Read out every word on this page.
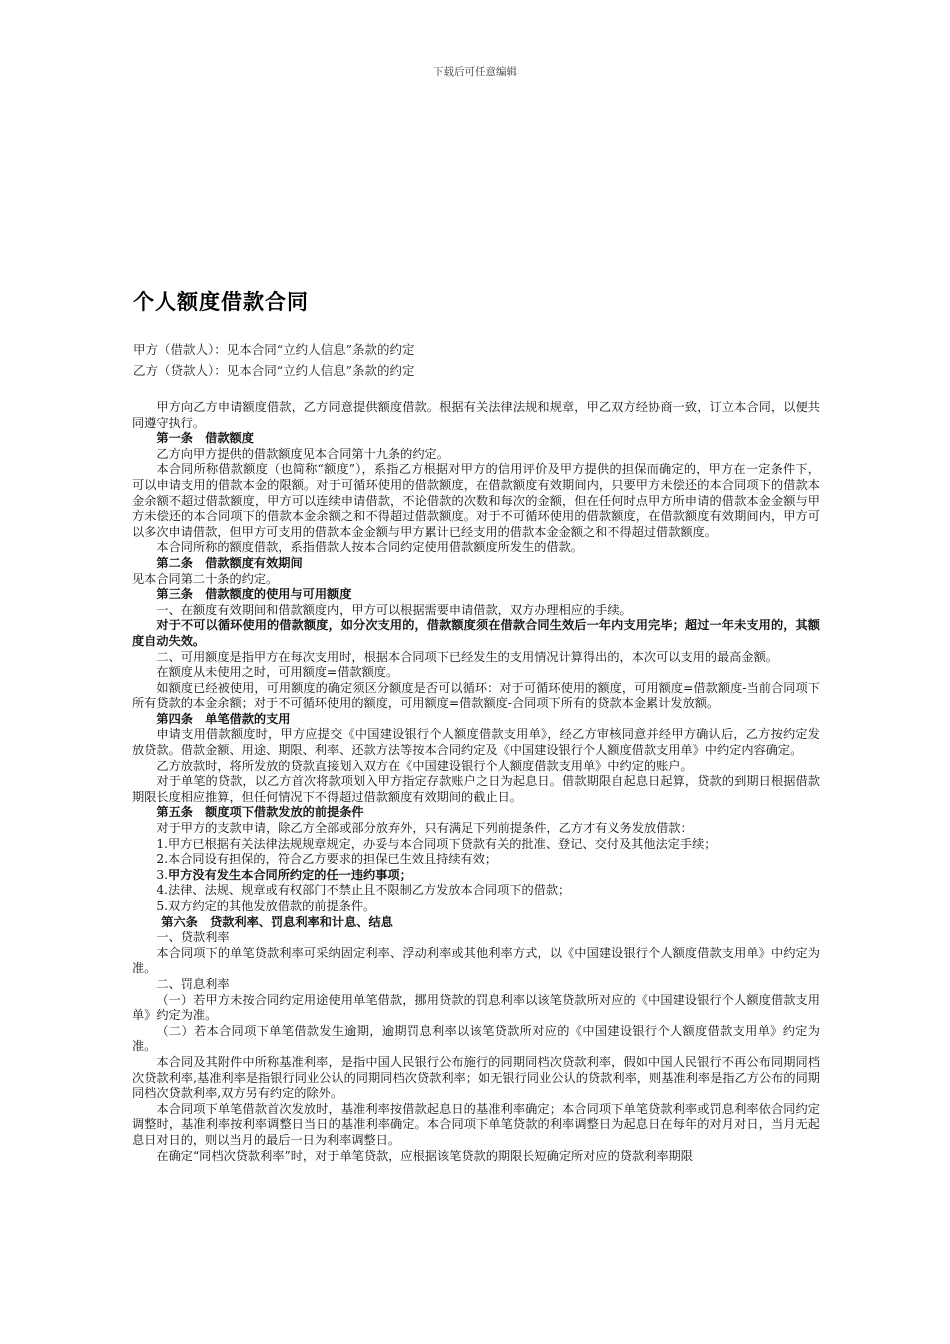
下载后可任意编辑
个人额度借款合同
甲方（借款人）：见本合同“立约人信息”条款的约定
乙方（贷款人）：见本合同“立约人信息”条款的约定

甲方向乙方申请额度借款，乙方同意提供额度借款。根据有关法律法规和规章，甲乙双方经协商一致，订立本合同，以便共同遵守执行。

第一条　借款额度

乙方向甲方提供的借款额度见本合同第十九条的约定。

本合同所称借款额度（也简称“额度”），系指乙方根据对甲方的信用评价及甲方提供的担保而确定的，甲方在一定条件下，可以申请支用的借款本金的限额。对于可循环使用的借款额度，在借款额度有效期间内，只要甲方未偿还的本合同项下的借款本金余额不超过借款额度，甲方可以连续申请借款，不论借款的次数和每次的金额，但在任何时点甲方所申请的借款本金金额与甲方未偿还的本合同项下的借款本金余额之和不得超过借款额度。对于不可循环使用的借款额度，在借款额度有效期间内，甲方可以多次申请借款，但甲方可支用的借款本金金额与甲方累计已经支用的借款本金金额之和不得超过借款额度。

本合同所称的额度借款，系指借款人按本合同约定使用借款额度所发生的借款。

第二条　借款额度有效期间

见本合同第二十条的约定。

第三条　借款额度的使用与可用额度

一、在额度有效期间和借款额度内，甲方可以根据需要申请借款，双方办理相应的手续。

对于不可以循环使用的借款额度，如分次支用的，借款额度须在借款合同生效后一年内支用完毕；超过一年未支用的，其额度自动失效。

二、可用额度是指甲方在每次支用时，根据本合同项下已经发生的支用情况计算得出的，本次可以支用的最高金额。

在额度从未使用之时，可用额度=借款额度。

如额度已经被使用，可用额度的确定须区分额度是否可以循环：对于可循环使用的额度，可用额度=借款额度-当前合同项下所有贷款的本金余额；对于不可循环使用的额度，可用额度=借款额度-合同项下所有的贷款本金累计发放额。

第四条　单笔借款的支用

申请支用借款额度时，甲方应提交《中国建设银行个人额度借款支用单》，经乙方审核同意并经甲方确认后，乙方按约定发放贷款。借款金额、用途、期限、利率、还款方法等按本合同约定及《中国建设银行个人额度借款支用单》中约定内容确定。

乙方放款时，将所发放的贷款直接划入双方在《中国建设银行个人额度借款支用单》中约定的账户。

对于单笔的贷款，以乙方首次将款项划入甲方指定存款账户之日为起息日。借款期限自起息日起算，贷款的到期日根据借款期限长度相应推算，但任何情况下不得超过借款额度有效期间的截止日。

第五条　额度项下借款发放的前提条件

对于甲方的支款申请，除乙方全部或部分放弃外，只有满足下列前提条件，乙方才有义务发放借款：

1.甲方已根据有关法律法规规章规定，办妥与本合同项下贷款有关的批准、登记、交付及其他法定手续；

2.本合同设有担保的，符合乙方要求的担保已生效且持续有效；

3.甲方没有发生本合同所约定的任一违约事项；

4.法律、法规、规章或有权部门不禁止且不限制乙方发放本合同项下的借款；

5.双方约定的其他发放借款的前提条件。

第六条　贷款利率、罚息利率和计息、结息

一、贷款利率

本合同项下的单笔贷款利率可采纳固定利率、浮动利率或其他利率方式，以《中国建设银行个人额度借款支用单》中约定为准。

二、罚息利率

（一）若甲方未按合同约定用途使用单笔借款，挪用贷款的罚息利率以该笔贷款所对应的《中国建设银行个人额度借款支用单》约定为准。

（二）若本合同项下单笔借款发生逾期，逾期罚息利率以该笔贷款所对应的《中国建设银行个人额度借款支用单》约定为准。

本合同及其附件中所称基准利率，是指中国人民银行公布施行的同期同档次贷款利率，假如中国人民银行不再公布同期同档次贷款利率,基准利率是指银行同业公认的同期同档次贷款利率；如无银行同业公认的贷款利率，则基准利率是指乙方公布的同期同档次贷款利率,双方另有约定的除外。

本合同项下单笔借款首次发放时，基准利率按借款起息日的基准利率确定；本合同项下单笔贷款利率或罚息利率依合同约定调整时，基准利率按利率调整日当日的基准利率确定。本合同项下单笔贷款的利率调整日为起息日在每年的对月对日，当月无起息日对日的，则以当月的最后一日为利率调整日。

在确定“同档次贷款利率”时，对于单笔贷款，应根据该笔贷款的期限长短确定所对应的贷款利率期限
